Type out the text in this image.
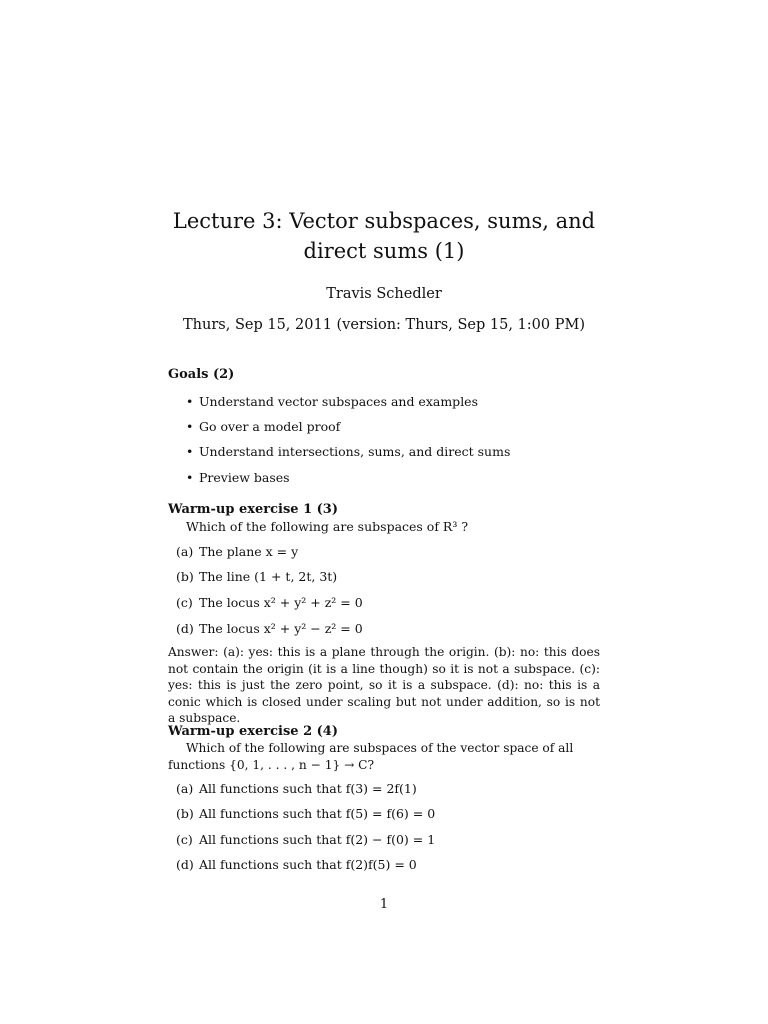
Lecture 3: Vector subspaces, sums, and direct sums (1)
Travis Schedler
Thurs, Sep 15, 2011 (version: Thurs, Sep 15, 1:00 PM)
Goals (2)
• Understand vector subspaces and examples
• Go over a model proof
• Understand intersections, sums, and direct sums
• Preview bases
Warm-up exercise 1 (3)
Which of the following are subspaces of R³ ?
(a) The plane x = y
(b) The line (1 + t, 2t, 3t)
(c) The locus x² + y² + z² = 0
(d) The locus x² + y² − z² = 0
Answer: (a): yes: this is a plane through the origin. (b): no: this does not contain the origin (it is a line though) so it is not a subspace. (c): yes: this is just the zero point, so it is a subspace. (d): no: this is a conic which is closed under scaling but not under addition, so is not a subspace.
Warm-up exercise 2 (4)
Which of the following are subspaces of the vector space of all functions {0, 1, . . . , n − 1} → C?
(a) All functions such that f(3) = 2f(1)
(b) All functions such that f(5) = f(6) = 0
(c) All functions such that f(2) − f(0) = 1
(d) All functions such that f(2)f(5) = 0
1
